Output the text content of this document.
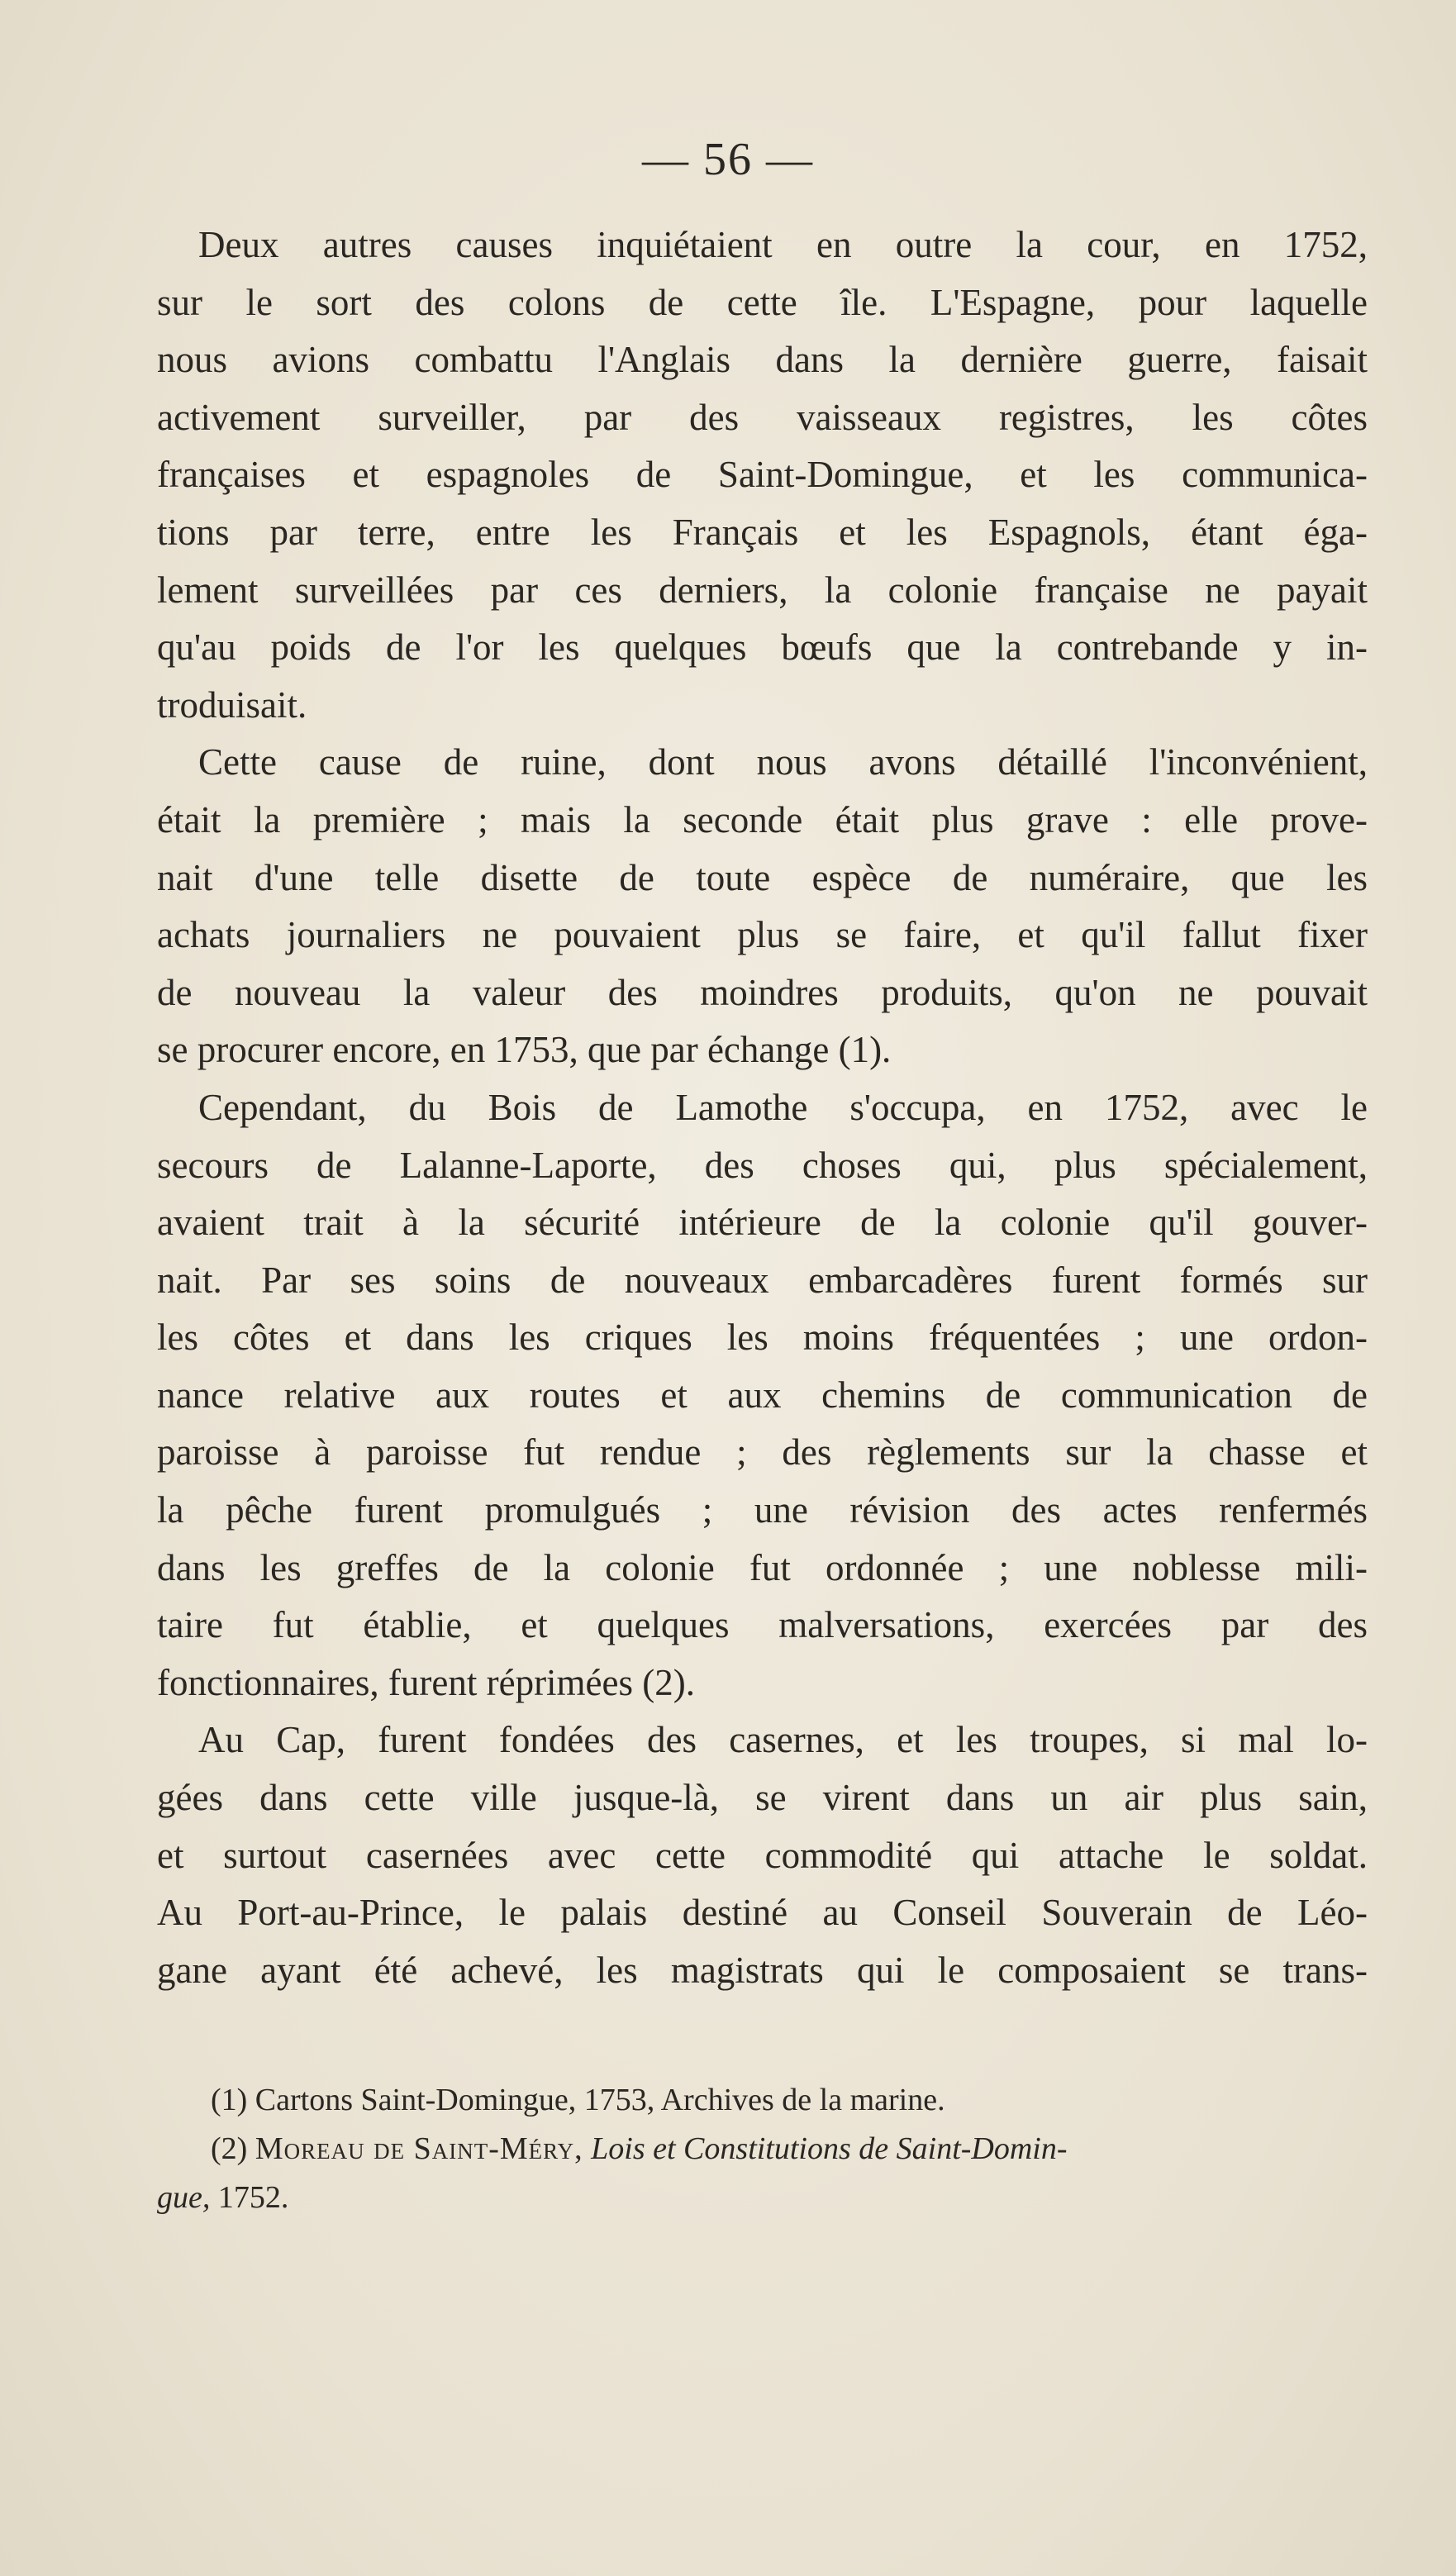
— 56 —
Deux autres causes inquiétaient en outre la cour, en 1752,
sur le sort des colons de cette île. L'Espagne, pour laquelle
nous avions combattu l'Anglais dans la dernière guerre, faisait
activement surveiller, par des vaisseaux registres, les côtes
françaises et espagnoles de Saint-Domingue, et les communica-
tions par terre, entre les Français et les Espagnols, étant éga-
lement surveillées par ces derniers, la colonie française ne payait
qu'au poids de l'or les quelques bœufs que la contrebande y in-
troduisait.
Cette cause de ruine, dont nous avons détaillé l'inconvénient,
était la première ; mais la seconde était plus grave : elle prove-
nait d'une telle disette de toute espèce de numéraire, que les
achats journaliers ne pouvaient plus se faire, et qu'il fallut fixer
de nouveau la valeur des moindres produits, qu'on ne pouvait
se procurer encore, en 1753, que par échange (1).
Cependant, du Bois de Lamothe s'occupa, en 1752, avec le
secours de Lalanne-Laporte, des choses qui, plus spécialement,
avaient trait à la sécurité intérieure de la colonie qu'il gouver-
nait. Par ses soins de nouveaux embarcadères furent formés sur
les côtes et dans les criques les moins fréquentées ; une ordon-
nance relative aux routes et aux chemins de communication de
paroisse à paroisse fut rendue ; des règlements sur la chasse et
la pêche furent promulgués ; une révision des actes renfermés
dans les greffes de la colonie fut ordonnée ; une noblesse mili-
taire fut établie, et quelques malversations, exercées par des
fonctionnaires, furent réprimées (2).
Au Cap, furent fondées des casernes, et les troupes, si mal lo-
gées dans cette ville jusque-là, se virent dans un air plus sain,
et surtout casernées avec cette commodité qui attache le soldat.
Au Port-au-Prince, le palais destiné au Conseil Souverain de Léo-
gane ayant été achevé, les magistrats qui le composaient se trans-

(1) Cartons Saint-Domingue, 1753, Archives de la marine.

(2) Moreau de Saint-Méry, Lois et Constitutions de Saint-Domin-
gue, 1752.
